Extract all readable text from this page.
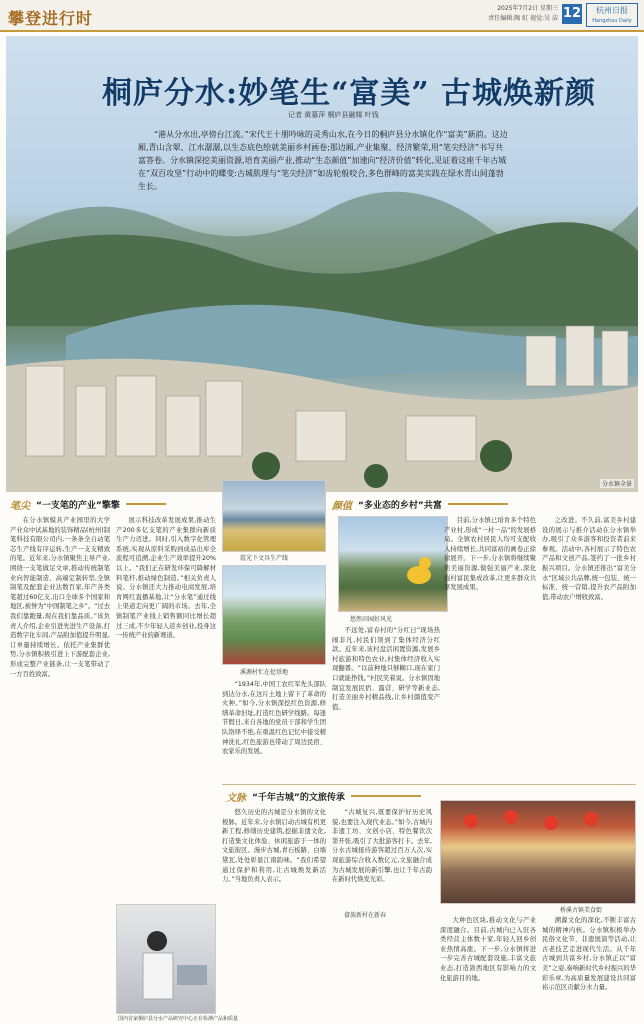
攀登进行时
2025年7月2日 星期三
责任编辑:陶 虹 视觉:吴 洁 12	杭州日报
Hangzhou Daily
桐庐分水:妙笔生“富美” 古城焕新颜
记者 黄慕萍 桐庐县融媒 叶钱
“港从分水出,亭傍台江流。”宋代王十朋吟咏的灵秀山水,在今日的桐庐县分水镇化作“富美”新韵。这边厢,青山含翠、江水潺潺,以生态底色绘就美丽乡村画卷;那边厢,产业集聚、经济繁荣,用“笔尖经济”书写共富答卷。分水镇深挖美丽资源,培育美丽产业,推动“生态颜值”加速向“经济价值”转化,见证着这座千年古城在“双百攻坚”行动中的蝶变:古城肌理与“笔尖经济”如齿轮般咬合,多色群峰的富美实践在绿水青山间蓬勃生长。
分水镇全景
笔尖 “一支笔的产业”擎擎	颜值 “多业态的乡村”共富
在分水镇模具产业园里的大学产业众中试基地的装饰精品(杭州)制笔科技有限公司内,一条条全自动笔芯生产线有序运转,生产一支支精致的笔。近年来,分水镇聚焦主导产业,围绕一支笔做足文章,推动传统制笔业向智能制造、高端定制转型,全镇制笔及配套企业达数百家,年产各类笔超过60亿支,出口全球多个国家和地区,被誉为“中国制笔之乡”。“过去我们靠跑量,现在我们靠品质。”该负责人介绍,企业引进先进生产设备,打造数字化车间,产品附加值提升明显,订单量持续增长。依托产业集群优势,分水镇积极引进上下游配套企业,形成完整产业链条,让一支笔带动了一方百姓致富。
展示科技改革发展成果,推动生产200多亿支笔的产业集群向新质生产力迈进。同时,引入数字化管理系统,实现从原料采购到成品出库全流程可追溯,企业生产效率提升20%以上。“我们正在研发环保可降解材料笔杆,推动绿色制造。”相关负责人说。分水镇还大力推动电商发展,培育网红直播基地,让“分水笔”通过线上渠道走向更广阔的市场。去年,全镇制笔产业线上销售额同比增长超过三成,不少年轻人返乡创业,投身这一传统产业的新赛道。
霞光下文具生产线
溪源村忙在挖基地
悠然田园好风光
“1934年,中国工农红军先头部队到达分水,在这片土地上留下了革命的火种。”如今,分水镇深挖红色资源,修缮革命旧址,打造红色研学线路。每逢节假日,来自各地的党员干部和学生团队络绎不绝,在重温红色记忆中接受精神洗礼,红色旅游也带动了周边民宿、农家乐的发展。
不远处,富春村的“分红日”现场热闹非凡,村民们领到了集体经济分红款。近年来,该村盘活闲置资源,发展乡村旅游和特色农业,村集体经济收入实现翻番。“以前种地只够糊口,现在家门口就能挣钱。”村民笑着说。分水镇因地制宜发展民宿、露营、研学等新业态,打造美丽乡村精品线,让乡村颜值变产值。
目前,分水镇已培育多个特色产业村,形成“一村一品”的发展格局。全镇农村居民人均可支配收入持续增长,共同富裕的画卷正徐徐展开。下一步,分水镇将继续聚焦美丽资源,做强美丽产业,深化强村富民集成改革,让更多群众共享发展成果。
之改进。不久前,富美乡村建设的展示与推介活动在分水镇举办,吸引了众多游客和投资者前来参观。活动中,各村展示了特色农产品和文创产品,签约了一批乡村振兴项目。分水镇还推出“富美分水”区域公共品牌,统一包装、统一标准、统一营销,提升农产品附加值,带动农户增收致富。
文脉 “千年古城”的文旅传承
国内首家桐庐县分水产品研究中心正在检测产品和质量
悠久历史的古城是分水镇的文化根脉。近年来,分水镇启动古城有机更新工程,修缮历史建筑,挖掘非遗文化,打造集文化体验、休闲旅游于一体的文旅街区。漫步古城,青石板路、白墙黛瓦,处处彰显江南韵味。“我们希望通过保护和利用,让古城焕发新活力。”当地负责人表示。
“古城复兴,既要保护好历史风貌,也要注入现代业态。”如今,古城内非遗工坊、文创小店、特色餐饮次第开张,吸引了大批游客打卡。去年,分水古城接待游客超过百万人次,实现旅游综合收入数亿元,文旅融合成为古城发展的新引擎,也让千年古韵在新时代焕发光彩。
桥溪古镇美食街
大种色区块,推动文化与产业深度融合。目前,古城内已入驻各类经营主体数十家,年轻人回乡创业热情高涨。下一步,分水镇将进一步完善古城配套设施,丰富文旅业态,打造浙西地区有影响力的文化旅游目的地。
溯源文化的深化,不断丰富古城的精神内核。分水镇积极举办民俗文化节、非遗展演等活动,让古老技艺走进现代生活。从千年古城到共富乡村,分水镇正以“富美”之姿,奏响新时代乡村振兴的华彩乐章,为高质量发展建设共同富裕示范区贡献分水力量。
畲族新村在新春
